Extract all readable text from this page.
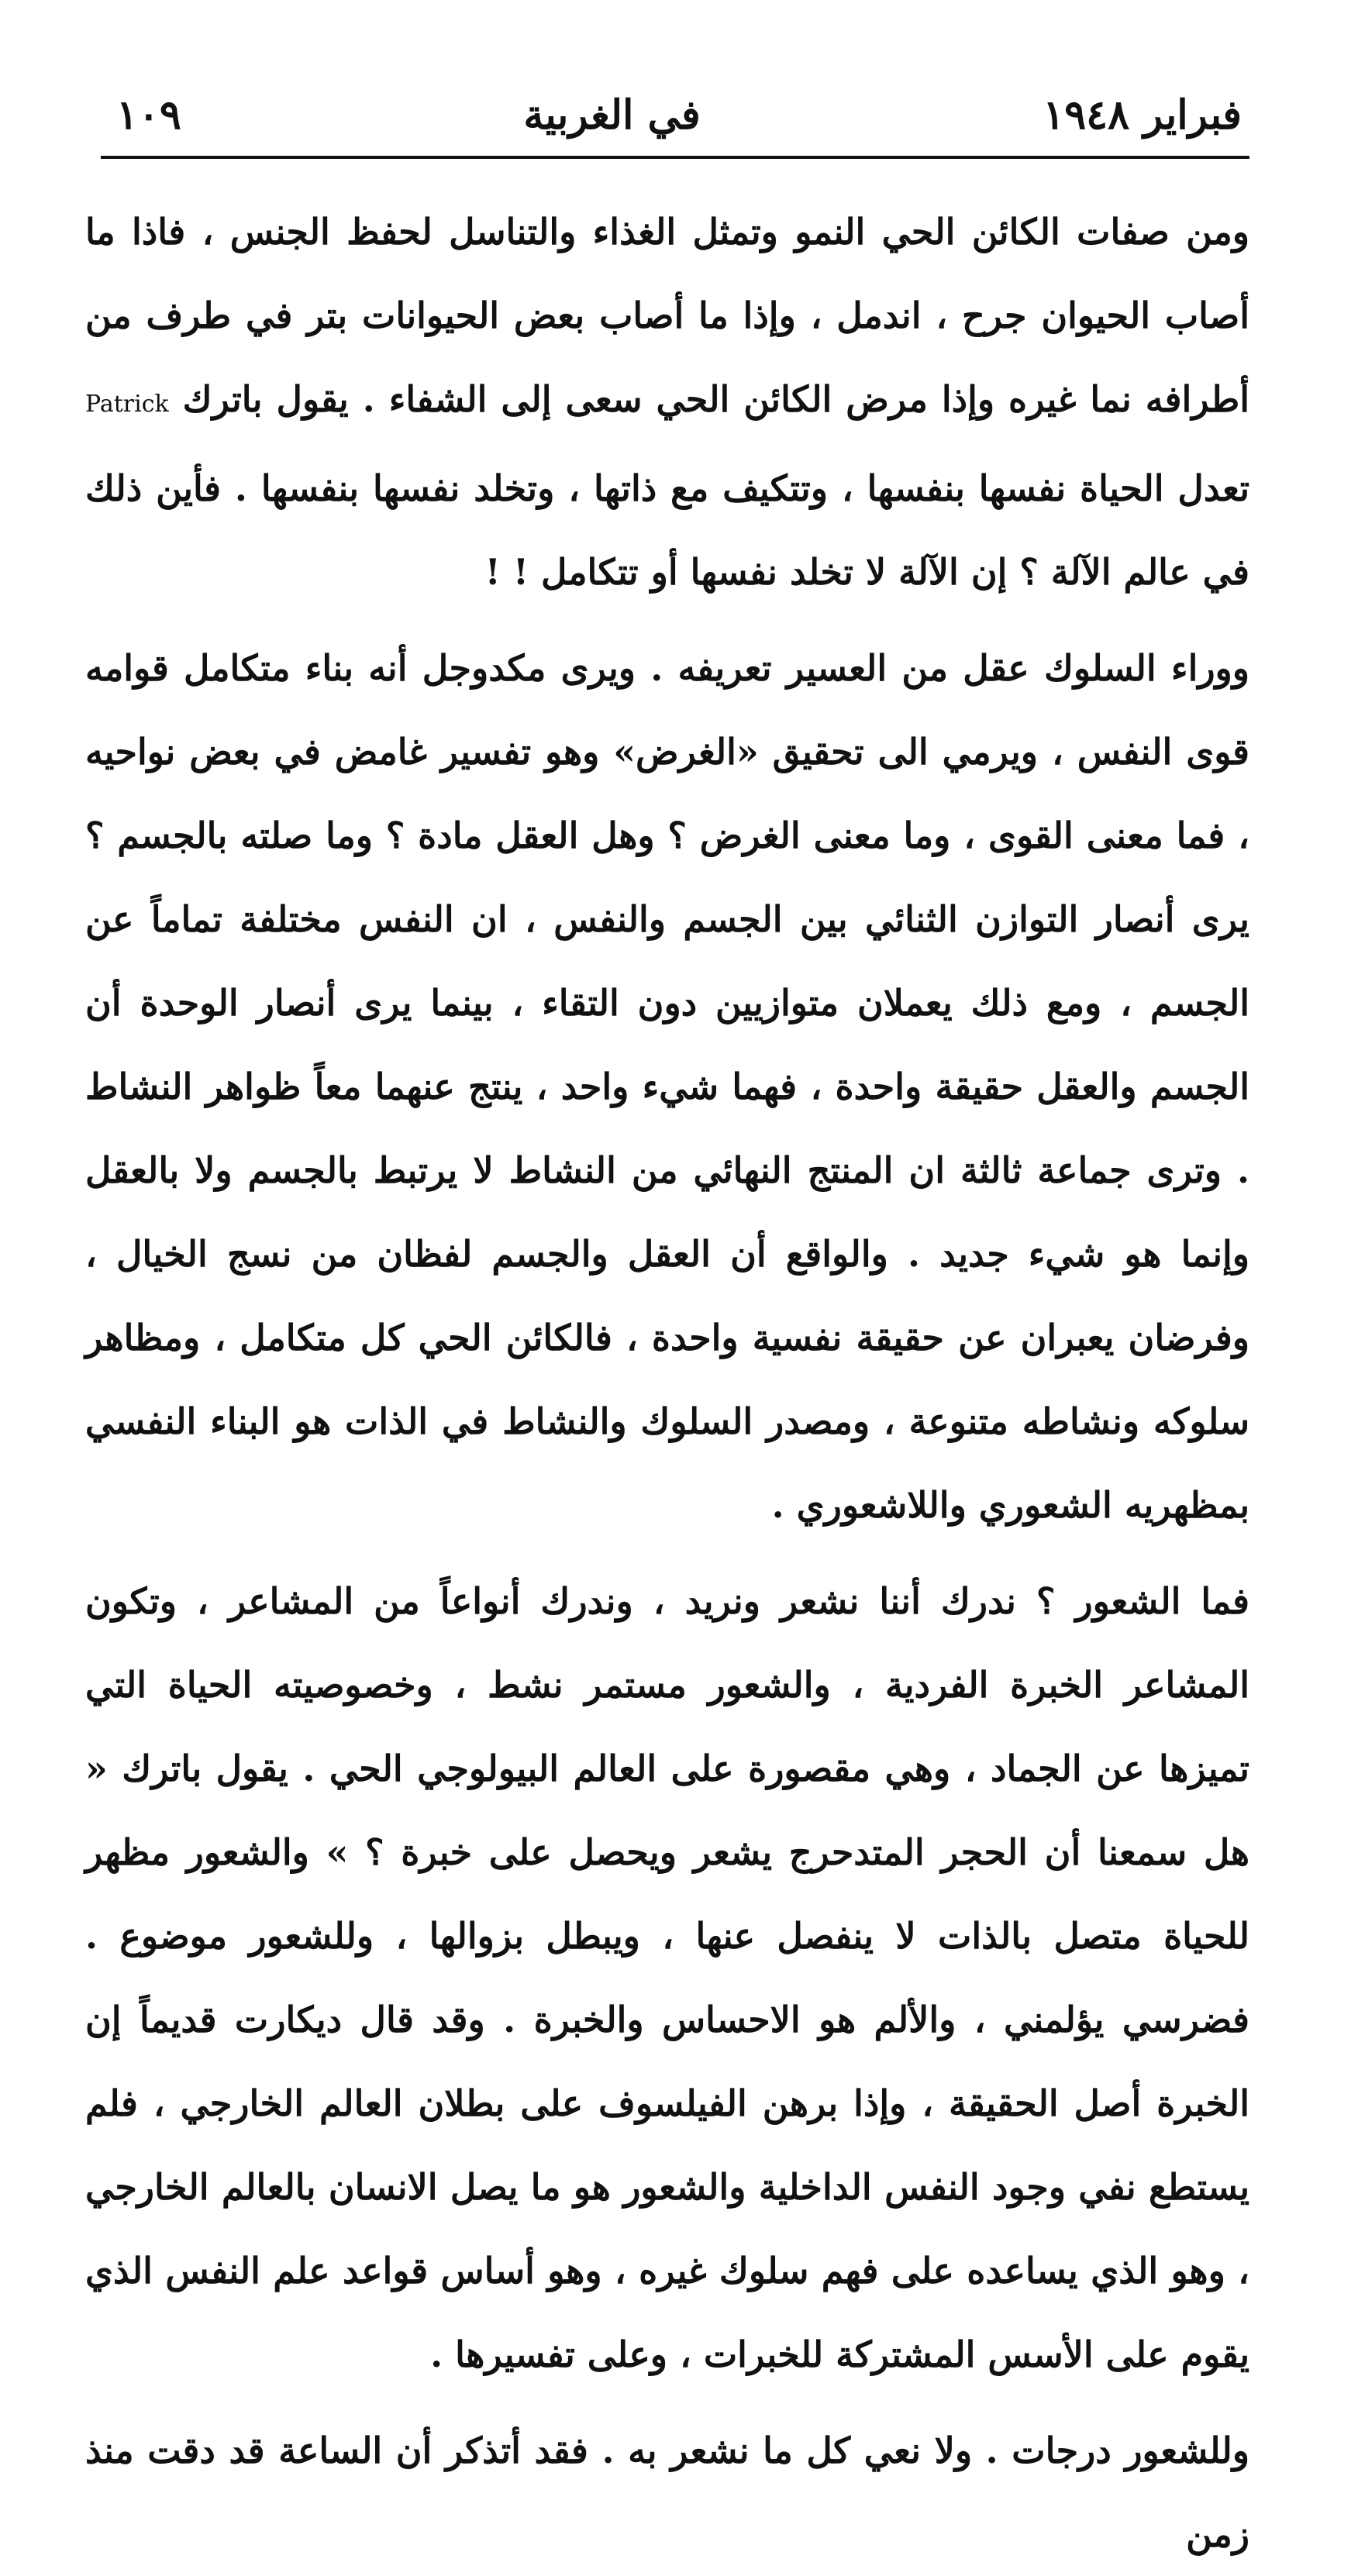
فبراير ١٩٤٨
في الغربية
١٠٩

ومن صفات الكائن الحي النمو وتمثل الغذاء والتناسل لحفظ الجنس ، فاذا ما أصاب الحيوان جرح ، اندمل ، وإذا ما أصاب بعض الحيوانات بتر في طرف من أطرافه نما غيره وإذا مرض الكائن الحي سعى إلى الشفاء . يقول باترك Patrick تعدل الحياة نفسها بنفسها ، وتتكيف مع ذاتها ، وتخلد نفسها بنفسها . فأين ذلك في عالم الآلة ؟ إن الآلة لا تخلد نفسها أو تتكامل ! !

ووراء السلوك عقل من العسير تعريفه . ويرى مكدوجل أنه بناء متكامل قوامه قوى النفس ، ويرمي الى تحقيق «الغرض» وهو تفسير غامض في بعض نواحيه ، فما معنى القوى ، وما معنى الغرض ؟ وهل العقل مادة ؟ وما صلته بالجسم ؟ يرى أنصار التوازن الثنائي بين الجسم والنفس ، ان النفس مختلفة تماماً عن الجسم ، ومع ذلك يعملان متوازيين دون التقاء ، بينما يرى أنصار الوحدة أن الجسم والعقل حقيقة واحدة ، فهما شيء واحد ، ينتج عنهما معاً ظواهر النشاط . وترى جماعة ثالثة ان المنتج النهائي من النشاط لا يرتبط بالجسم ولا بالعقل وإنما هو شيء جديد . والواقع أن العقل والجسم لفظان من نسج الخيال ، وفرضان يعبران عن حقيقة نفسية واحدة ، فالكائن الحي كل متكامل ، ومظاهر سلوكه ونشاطه متنوعة ، ومصدر السلوك والنشاط في الذات هو البناء النفسي بمظهريه الشعوري واللاشعوري .

فما الشعور ؟ ندرك أننا نشعر ونريد ، وندرك أنواعاً من المشاعر ، وتكون المشاعر الخبرة الفردية ، والشعور مستمر نشط ، وخصوصيته الحياة التي تميزها عن الجماد ، وهي مقصورة على العالم البيولوجي الحي . يقول باترك « هل سمعنا أن الحجر المتدحرج يشعر ويحصل على خبرة ؟ » والشعور مظهر للحياة متصل بالذات لا ينفصل عنها ، ويبطل بزوالها ، وللشعور موضوع . فضرسي يؤلمني ، والألم هو الاحساس والخبرة . وقد قال ديكارت قديماً إن الخبرة أصل الحقيقة ، وإذا برهن الفيلسوف على بطلان العالم الخارجي ، فلم يستطع نفي وجود النفس الداخلية والشعور هو ما يصل الانسان بالعالم الخارجي ، وهو الذي يساعده على فهم سلوك غيره ، وهو أساس قواعد علم النفس الذي يقوم على الأسس المشتركة للخبرات ، وعلى تفسيرها .

وللشعور درجات . ولا نعي كل ما نشعر به . فقد أتذكر أن الساعة قد دقت منذ زمن
